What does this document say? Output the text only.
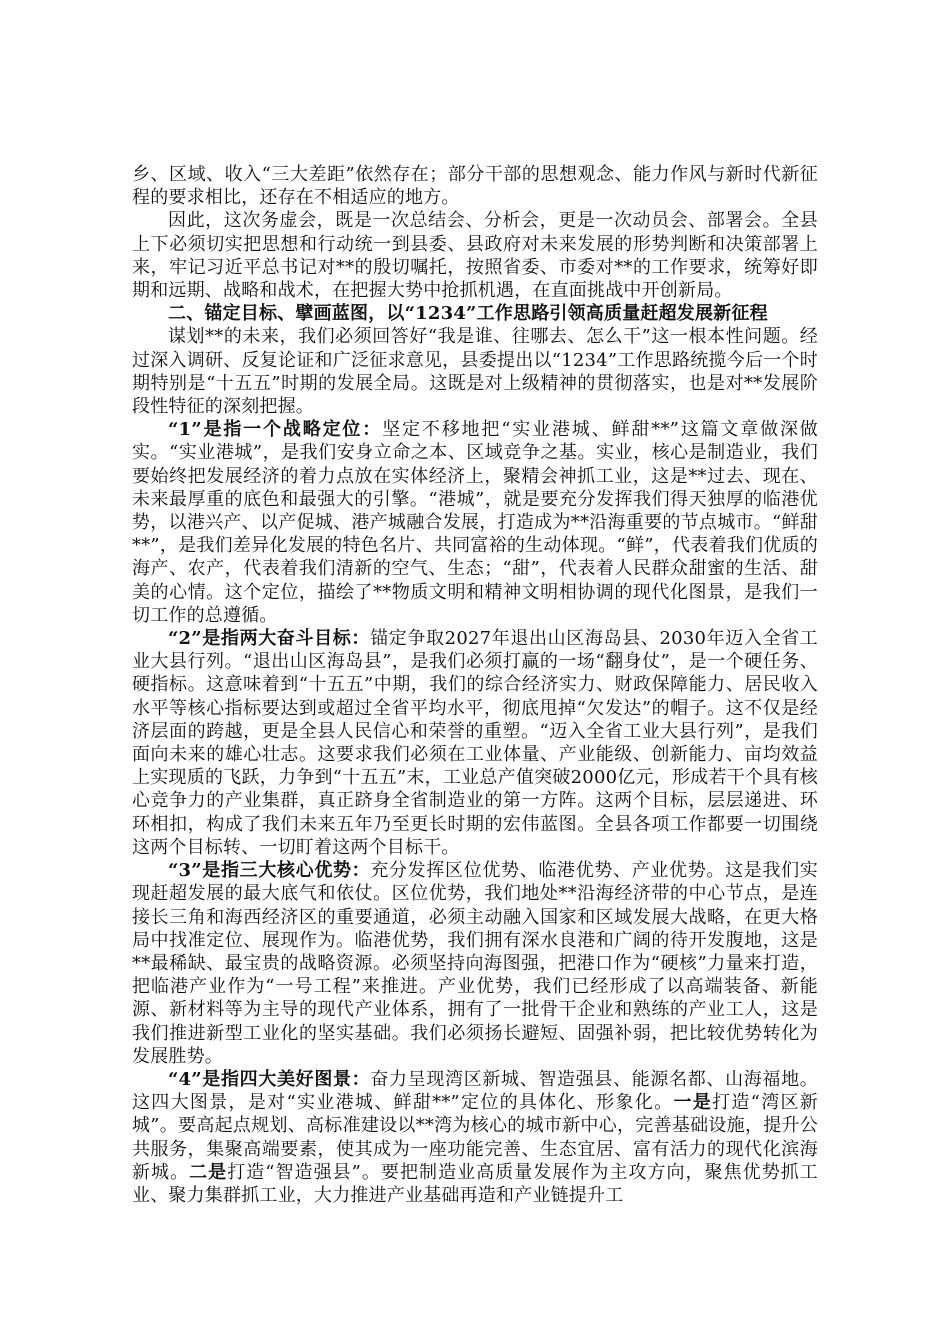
乡、区域、收入“三大差距”依然存在；部分干部的思想观念、能力作风与新时代新征程的要求相比，还存在不相适应的地方。

因此，这次务虚会，既是一次总结会、分析会，更是一次动员会、部署会。全县上下必须切实把思想和行动统一到县委、县政府对未来发展的形势判断和决策部署上来，牢记习近平总书记对**的殷切嘱托，按照省委、市委对**的工作要求，统筹好即期和远期、战略和战术，在把握大势中抢抓机遇，在直面挑战中开创新局。

二、锚定目标、擘画蓝图，以“1234”工作思路引领高质量赶超发展新征程

谋划**的未来，我们必须回答好“我是谁、往哪去、怎么干”这一根本性问题。经过深入调研、反复论证和广泛征求意见，县委提出以“1234”工作思路统揽今后一个时期特别是“十五五”时期的发展全局。这既是对上级精神的贯彻落实，也是对**发展阶段性特征的深刻把握。

“1”是指一个战略定位：坚定不移地把“实业港城、鲜甜**”这篇文章做深做实。“实业港城”，是我们安身立命之本、区域竞争之基。实业，核心是制造业，我们要始终把发展经济的着力点放在实体经济上，聚精会神抓工业，这是**过去、现在、未来最厚重的底色和最强大的引擎。“港城”，就是要充分发挥我们得天独厚的临港优势，以港兴产、以产促城、港产城融合发展，打造成为**沿海重要的节点城市。“鲜甜**”，是我们差异化发展的特色名片、共同富裕的生动体现。“鲜”，代表着我们优质的海产、农产，代表着我们清新的空气、生态；“甜”，代表着人民群众甜蜜的生活、甜美的心情。这个定位，描绘了**物质文明和精神文明相协调的现代化图景，是我们一切工作的总遵循。

“2”是指两大奋斗目标：锚定争取2027年退出山区海岛县、2030年迈入全省工业大县行列。“退出山区海岛县”，是我们必须打赢的一场“翻身仗”，是一个硬任务、硬指标。这意味着到“十五五”中期，我们的综合经济实力、财政保障能力、居民收入水平等核心指标要达到或超过全省平均水平，彻底甩掉“欠发达”的帽子。这不仅是经济层面的跨越，更是全县人民信心和荣誉的重塑。“迈入全省工业大县行列”，是我们面向未来的雄心壮志。这要求我们必须在工业体量、产业能级、创新能力、亩均效益上实现质的飞跃，力争到“十五五”末，工业总产值突破2000亿元，形成若干个具有核心竞争力的产业集群，真正跻身全省制造业的第一方阵。这两个目标，层层递进、环环相扣，构成了我们未来五年乃至更长时期的宏伟蓝图。全县各项工作都要一切围绕这两个目标转、一切盯着这两个目标干。

“3”是指三大核心优势：充分发挥区位优势、临港优势、产业优势。这是我们实现赶超发展的最大底气和依仗。区位优势，我们地处**沿海经济带的中心节点，是连接长三角和海西经济区的重要通道，必须主动融入国家和区域发展大战略，在更大格局中找准定位、展现作为。临港优势，我们拥有深水良港和广阔的待开发腹地，这是**最稀缺、最宝贵的战略资源。必须坚持向海图强，把港口作为“硬核”力量来打造，把临港产业作为“一号工程”来推进。产业优势，我们已经形成了以高端装备、新能源、新材料等为主导的现代产业体系，拥有了一批骨干企业和熟练的产业工人，这是我们推进新型工业化的坚实基础。我们必须扬长避短、固强补弱，把比较优势转化为发展胜势。

“4”是指四大美好图景：奋力呈现湾区新城、智造强县、能源名都、山海福地。这四大图景，是对“实业港城、鲜甜**”定位的具体化、形象化。一是打造“湾区新城”。要高起点规划、高标准建设以**湾为核心的城市新中心，完善基础设施，提升公共服务，集聚高端要素，使其成为一座功能完善、生态宜居、富有活力的现代化滨海新城。二是打造“智造强县”。要把制造业高质量发展作为主攻方向，聚焦优势抓工业、聚力集群抓工业，大力推进产业基础再造和产业链提升工
